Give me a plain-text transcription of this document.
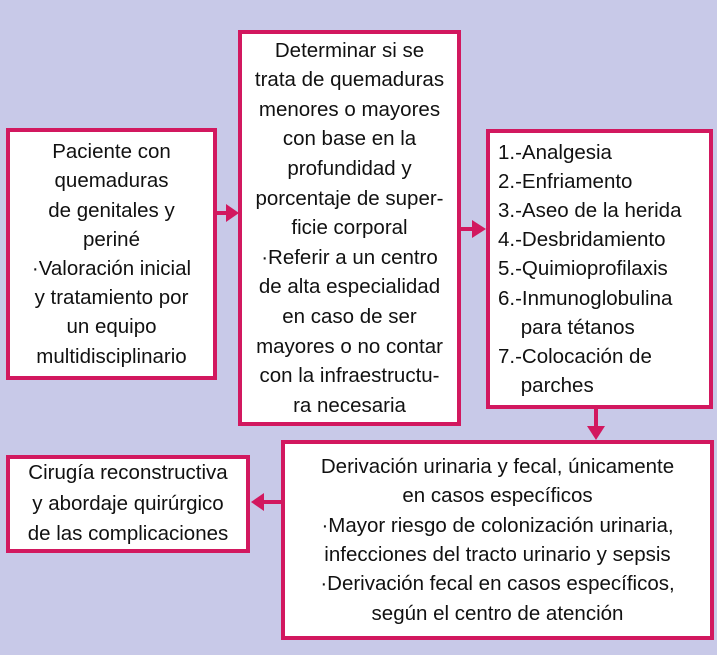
Paciente con
quemaduras
de genitales y
periné
·Valoración inicial
y tratamiento por
un equipo
multidisciplinario
Determinar si se
trata de quemaduras
menores o mayores
con base en la
profundidad y
porcentaje de super-
ficie corporal
·Referir a un centro
de alta especialidad
en caso de ser
mayores o no contar
con la infraestructu-
ra necesaria
1.-Analgesia
2.-Enfriamento
3.-Aseo de la herida
4.-Desbridamiento
5.-Quimioprofilaxis
6.-Inmunoglobulina
para tétanos
7.-Colocación de
parches
Derivación urinaria y fecal, únicamente
en casos específicos
·Mayor riesgo de colonización urinaria,
infecciones del tracto urinario y sepsis
·Derivación fecal en casos específicos,
según el centro de atención
Cirugía reconstructiva
y abordaje quirúrgico
de las complicaciones
